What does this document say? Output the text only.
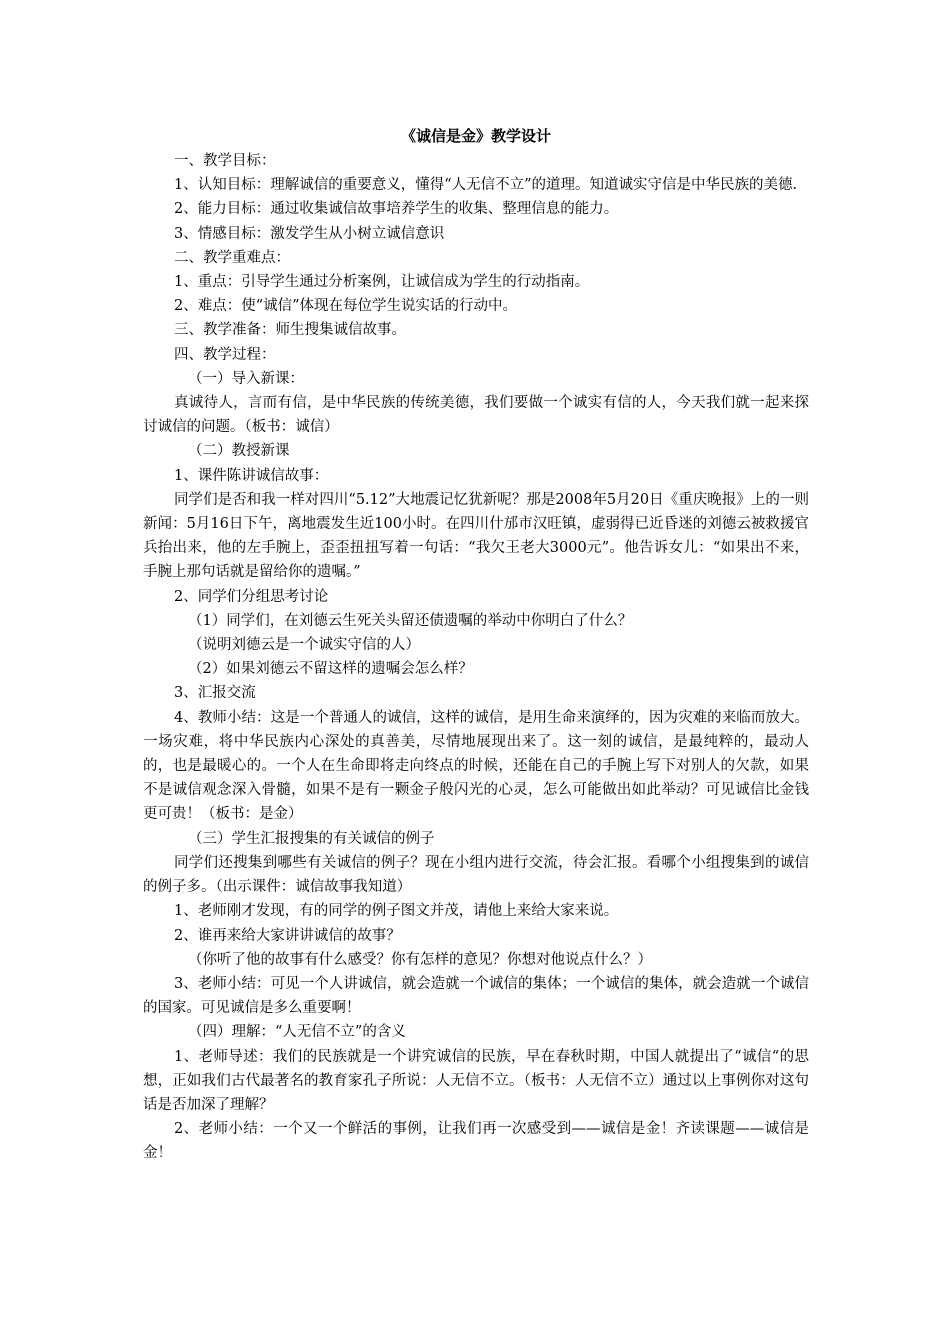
《诚信是金》教学设计

一、教学目标：

1、认知目标：理解诚信的重要意义，懂得“人无信不立”的道理。知道诚实守信是中华民族的美德.

2、能力目标：通过收集诚信故事培养学生的收集、整理信息的能力。

3、情感目标：激发学生从小树立诚信意识

二、教学重难点：

1、重点：引导学生通过分析案例，让诚信成为学生的行动指南。

2、难点：使“诚信”体现在每位学生说实话的行动中。

三、教学准备：师生搜集诚信故事。

四、教学过程：

（一）导入新课：

真诚待人，言而有信，是中华民族的传统美德，我们要做一个诚实有信的人，今天我们就一起来探讨诚信的问题。（板书：诚信）

（二）教授新课

1、课件陈讲诚信故事：

同学们是否和我一样对四川“5.12”大地震记忆犹新呢？那是2008年5月20日《重庆晚报》上的一则新闻：5月16日下午，离地震发生近100小时。在四川什邡市汉旺镇，虚弱得已近昏迷的刘德云被救援官兵抬出来，他的左手腕上，歪歪扭扭写着一句话：“我欠王老大3000元”。他告诉女儿：“如果出不来，手腕上那句话就是留给你的遗嘱。”

2、同学们分组思考讨论

（1）同学们，在刘德云生死关头留还债遗嘱的举动中你明白了什么？

（说明刘德云是一个诚实守信的人）

（2）如果刘德云不留这样的遗嘱会怎么样？

3、汇报交流

4、教师小结：这是一个普通人的诚信，这样的诚信，是用生命来演绎的，因为灾难的来临而放大。一场灾难，将中华民族内心深处的真善美，尽情地展现出来了。这一刻的诚信，是最纯粹的，最动人的，也是最暖心的。一个人在生命即将走向终点的时候，还能在自己的手腕上写下对别人的欠款，如果不是诚信观念深入骨髓，如果不是有一颗金子般闪光的心灵，怎么可能做出如此举动？可见诚信比金钱更可贵！（板书：是金）

（三）学生汇报搜集的有关诚信的例子

同学们还搜集到哪些有关诚信的例子？现在小组内进行交流，待会汇报。看哪个小组搜集到的诚信的例子多。（出示课件：诚信故事我知道）

1、老师刚才发现，有的同学的例子图文并茂，请他上来给大家来说。

2、谁再来给大家讲讲诚信的故事？

（你听了他的故事有什么感受？你有怎样的意见？你想对他说点什么？）

3、老师小结：可见一个人讲诚信，就会造就一个诚信的集体；一个诚信的集体，就会造就一个诚信的国家。可见诚信是多么重要啊！

（四）理解：“人无信不立”的含义

1、老师导述：我们的民族就是一个讲究诚信的民族，早在春秋时期，中国人就提出了“诚信“的思想，正如我们古代最著名的教育家孔子所说：人无信不立。（板书：人无信不立）通过以上事例你对这句话是否加深了理解？

2、老师小结：一个又一个鲜活的事例，让我们再一次感受到——诚信是金！齐读课题——诚信是金！
